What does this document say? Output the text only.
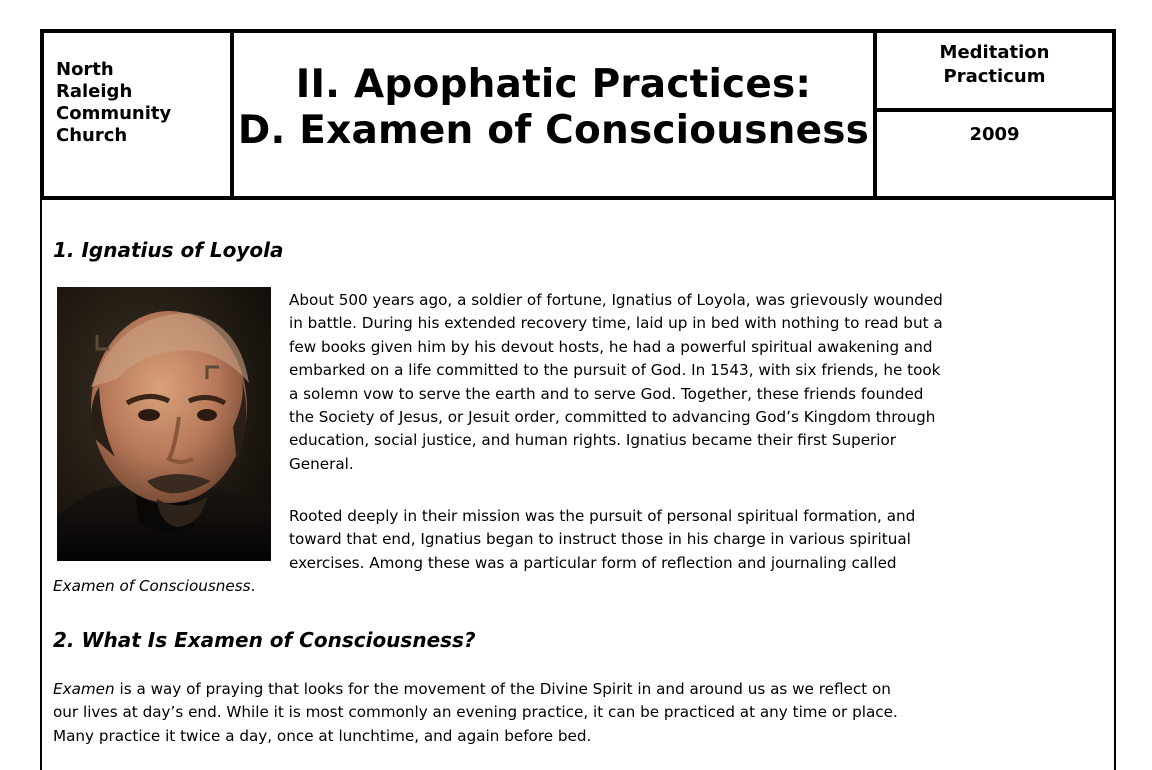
North

Raleigh

Community

Church

II. Apophatic Practices:

D. Examen of Consciousness

Meditation
Practicum
2009
1. Ignatius of Loyola

About 500 years ago, a soldier of fortune, Ignatius of Loyola, was grievously wounded
in battle. During his extended recovery time, laid up in bed with nothing to read but a
few books given him by his devout hosts, he had a powerful spiritual awakening and
embarked on a life committed to the pursuit of God. In 1543, with six friends, he took
a solemn vow to serve the earth and to serve God. Together, these friends founded
the Society of Jesus, or Jesuit order, committed to advancing God’s Kingdom through
education, social justice, and human rights. Ignatius became their first Superior
General.

Rooted deeply in their mission was the pursuit of personal spiritual formation, and
toward that end, Ignatius began to instruct those in his charge in various spiritual
exercises. Among these was a particular form of reflection and journaling called

Examen of Consciousness.

2. What Is Examen of Consciousness?

Examen is a way of praying that looks for the movement of the Divine Spirit in and around us as we reflect on
our lives at day’s end. While it is most commonly an evening practice, it can be practiced at any time or place.
Many practice it twice a day, once at lunchtime, and again before bed.
